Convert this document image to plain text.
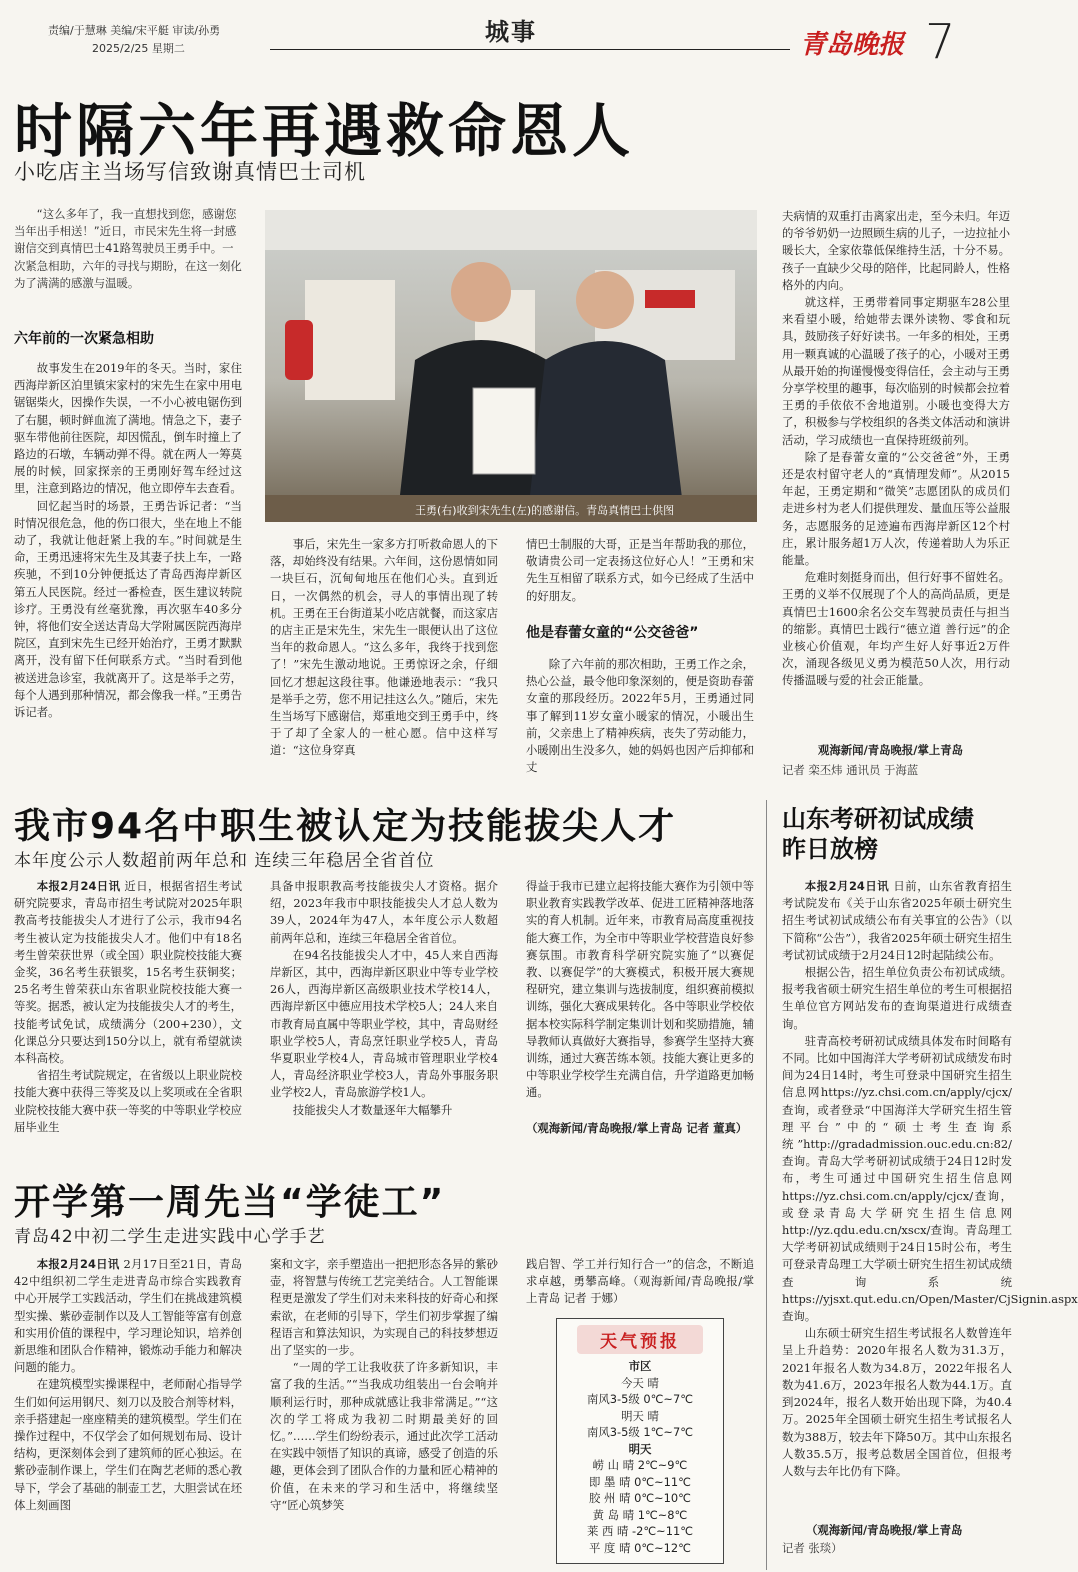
责编/于慧琳 美编/宋平艇 审读/孙勇
2025/2/25 星期二
城事	青岛晚报 7
时隔六年再遇救命恩人
小吃店主当场写信致谢真情巴士司机
“这么多年了，我一直想找到您，感谢您当年出手相送！”近日，市民宋先生将一封感谢信交到真情巴士41路驾驶员王勇手中。一次紧急相助，六年的寻找与期盼，在这一刻化为了满满的感激与温暖。
六年前的一次紧急相助

故事发生在2019年的冬天。当时，家住西海岸新区泊里镇宋家村的宋先生在家中用电锯锯柴火，因操作失误，一不小心被电锯伤到了右腿，顿时鲜血流了满地。情急之下，妻子驱车带他前往医院，却因慌乱，倒车时撞上了路边的石墩，车辆动弹不得。就在两人一筹莫展的时候，回家探亲的王勇刚好驾车经过这里，注意到路边的情况，他立即停车去查看。

回忆起当时的场景，王勇告诉记者：“当时情况很危急，他的伤口很大，坐在地上不能动了，我就让他赶紧上我的车。”时间就是生命，王勇迅速将宋先生及其妻子扶上车，一路疾驰，不到10分钟便抵达了青岛西海岸新区第五人民医院。经过一番检查，医生建议转院诊疗。王勇没有丝毫犹豫，再次驱车40多分钟，将他们安全送达青岛大学附属医院西海岸院区，直到宋先生已经开始治疗，王勇才默默离开，没有留下任何联系方式。“当时看到他被送进急诊室，我就离开了。这是举手之劳，每个人遇到那种情况，都会像我一样。”王勇告诉记者。

王勇(右)收到宋先生(左)的感谢信。青岛真情巴士供图

事后，宋先生一家多方打听救命恩人的下落，却始终没有结果。六年间，这份恩情如同一块巨石，沉甸甸地压在他们心头。直到近日，一次偶然的机会，寻人的事情出现了转机。王勇在王台街道某小吃店就餐，而这家店的店主正是宋先生，宋先生一眼便认出了这位当年的救命恩人。“这么多年，我终于找到您了！”宋先生激动地说。王勇惊讶之余，仔细回忆才想起这段往事。他谦逊地表示：“我只是举手之劳，您不用记挂这么久。”随后，宋先生当场写下感谢信，郑重地交到王勇手中，终于了却了全家人的一桩心愿。信中这样写道：“这位身穿真

情巴士制服的大哥，正是当年帮助我的那位，敬请贵公司一定表扬这位好心人！”王勇和宋先生互相留了联系方式，如今已经成了生活中的好朋友。

他是春蕾女童的“公交爸爸”

除了六年前的那次相助，王勇工作之余，热心公益，最令他印象深刻的，便是资助春蕾女童的那段经历。2022年5月，王勇通过同事了解到11岁女童小暖家的情况，小暖出生前，父亲患上了精神疾病，丧失了劳动能力，小暖刚出生没多久，她的妈妈也因产后抑郁和丈

夫病情的双重打击离家出走，至今未归。年迈的爷爷奶奶一边照顾生病的儿子，一边拉扯小暖长大，全家依靠低保维持生活，十分不易。孩子一直缺少父母的陪伴，比起同龄人，性格格外的内向。

就这样，王勇带着同事定期驱车28公里来看望小暖，给她带去课外读物、零食和玩具，鼓励孩子好好读书。一年多的相处，王勇用一颗真诚的心温暖了孩子的心，小暖对王勇从最开始的拘谨慢慢变得信任，会主动与王勇分享学校里的趣事，每次临别的时候都会拉着王勇的手依依不舍地道别。小暖也变得大方了，积极参与学校组织的各类文体活动和演讲活动，学习成绩也一直保持班级前列。

除了是春蕾女童的“公交爸爸”外，王勇还是农村留守老人的“真情理发师”。从2015年起，王勇定期和“微笑”志愿团队的成员们走进乡村为老人们提供理发、量血压等公益服务，志愿服务的足迹遍布西海岸新区12个村庄，累计服务超1万人次，传递着助人为乐正能量。

危难时刻挺身而出，但行好事不留姓名。王勇的义举不仅展现了个人的高尚品质，更是真情巴士1600余名公交车驾驶员责任与担当的缩影。真情巴士践行“德立道 善行远”的企业核心价值观，年均产生好人好事近2万件次，涌现各级见义勇为模范50人次，用行动传播温暖与爱的社会正能量。

观海新闻/青岛晚报/掌上青岛
记者 栾丕炜 通讯员 于海蓝
我市94名中职生被认定为技能拔尖人才
本年度公示人数超前两年总和 连续三年稳居全省首位

本报2月24日讯 近日，根据省招生考试研究院要求，青岛市招生考试院对2025年职教高考技能拔尖人才进行了公示，我市94名考生被认定为技能拔尖人才。他们中有18名考生曾荣获世界（或全国）职业院校技能大赛金奖，36名考生获银奖，15名考生获铜奖；25名考生曾荣获山东省职业院校技能大赛一等奖。据悉，被认定为技能拔尖人才的考生，技能考试免试，成绩满分（200+230），文化课总分只要达到150分以上，就有希望就读本科高校。

省招生考试院规定，在省级以上职业院校技能大赛中获得三等奖及以上奖项或在全省职业院校技能大赛中获一等奖的中等职业学校应届毕业生

具备申报职教高考技能拔尖人才资格。据介绍，2023年我市中职技能拔尖人才总人数为39人，2024年为47人，本年度公示人数超前两年总和，连续三年稳居全省首位。

在94名技能拔尖人才中，45人来自西海岸新区，其中，西海岸新区职业中等专业学校26人，西海岸新区高级职业技术学校14人，西海岸新区中德应用技术学校5人；24人来自市教育局直属中等职业学校，其中，青岛财经职业学校5人，青岛烹饪职业学校5人，青岛华夏职业学校4人，青岛城市管理职业学校4人，青岛经济职业学校3人，青岛外事服务职业学校2人，青岛旅游学校1人。

技能拔尖人才数量逐年大幅攀升

得益于我市已建立起将技能大赛作为引领中等职业教育实践教学改革、促进工匠精神落地落实的育人机制。近年来，市教育局高度重视技能大赛工作，为全市中等职业学校营造良好参赛氛围。市教育科学研究院实施了“以赛促教、以赛促学”的大赛模式，积极开展大赛规程研究，建立集训与选拔制度，组织赛前模拟训练，强化大赛成果转化。各中等职业学校依据本校实际科学制定集训计划和奖励措施，辅导教师认真做好大赛指导，参赛学生坚持大赛训练，通过大赛苦练本领。技能大赛让更多的中等职业学校学生充满自信，升学道路更加畅通。

（观海新闻/青岛晚报/掌上青岛 记者 董真）
山东考研初试成绩
昨日放榜

本报2月24日讯 日前，山东省教育招生考试院发布《关于山东省2025年硕士研究生招生考试初试成绩公布有关事宜的公告》（以下简称“公告”），我省2025年硕士研究生招生考试初试成绩于2月24日12时起陆续公布。

根据公告，招生单位负责公布初试成绩。报考我省硕士研究生招生单位的考生可根据招生单位官方网站发布的查询渠道进行成绩查询。

驻青高校考研初试成绩具体发布时间略有不同。比如中国海洋大学考研初试成绩发布时间为24日14时，考生可登录中国研究生招生信息网https://yz.chsi.com.cn/apply/cjcx/查询，或者登录“中国海洋大学研究生招生管理平台”中的“硕士考生查询系统”http://gradadmission.ouc.edu.cn:82/查询。青岛大学考研初试成绩于24日12时发布，考生可通过中国研究生招生信息网https://yz.chsi.com.cn/apply/cjcx/查询，或登录青岛大学研究生招生信息网http://yz.qdu.edu.cn/xscx/查询。青岛理工大学考研初试成绩则于24日15时公布，考生可登录青岛理工大学硕士研究生招生初试成绩查询系统https://yjsxt.qut.edu.cn/Open/Master/CjSignin.aspx查询。

山东硕士研究生招生考试报名人数曾连年呈上升趋势：2020年报名人数为31.3万，2021年报名人数为34.8万，2022年报名人数为41.6万，2023年报名人数为44.1万。直到2024年，报名人数开始出现下降，为40.4万。2025年全国硕士研究生招生考试报名人数为388万，较去年下降50万。其中山东报名人数35.5万，报考总数居全国首位，但报考人数与去年比仍有下降。

（观海新闻/青岛晚报/掌上青岛
记者 张琰）
开学第一周先当“学徒工”
青岛42中初二学生走进实践中心学手艺

本报2月24日讯 2月17日至21日，青岛42中组织初二学生走进青岛市综合实践教育中心开展学工实践活动，学生们在挑战建筑模型实操、紫砂壶制作以及人工智能等富有创意和实用价值的课程中，学习理论知识，培养创新思维和团队合作精神，锻炼动手能力和解决问题的能力。

在建筑模型实操课程中，老师耐心指导学生们如何运用钢尺、刻刀以及胶合剂等材料，亲手搭建起一座座精美的建筑模型。学生们在操作过程中，不仅学会了如何规划布局、设计结构，更深刻体会到了建筑师的匠心独运。在紫砂壶制作课上，学生们在陶艺老师的悉心教导下，学会了基础的制壶工艺，大胆尝试在坯体上刻画图

案和文字，亲手塑造出一把把形态各异的紫砂壶，将智慧与传统工艺完美结合。人工智能课程更是激发了学生们对未来科技的好奇心和探索欲，在老师的引导下，学生们初步掌握了编程语言和算法知识，为实现自己的科技梦想迈出了坚实的一步。

“一周的学工让我收获了许多新知识，丰富了我的生活。”“当我成功组装出一台会响并顺利运行时，那种成就感让我非常满足。”“这次的学工将成为我初二时期最美好的回忆。”……学生们纷纷表示，通过此次学工活动在实践中领悟了知识的真谛，感受了创造的乐趣，更体会到了团队合作的力量和匠心精神的价值，在未来的学习和生活中，将继续坚守“匠心筑梦笑

践启智、学工并行知行合一”的信念，不断追求卓越，勇攀高峰。（观海新闻/青岛晚报/掌上青岛 记者 于娜）

天气预报
市区
今天 晴
南风3-5级 0℃~7℃
明天 晴
南风3-5级 1℃~7℃
明天
崂 山 晴 2℃~9℃
即 墨 晴 0℃~11℃
胶 州 晴 0℃~10℃
黄 岛 晴 1℃~8℃
莱 西 晴 -2℃~11℃
平 度 晴 0℃~12℃
